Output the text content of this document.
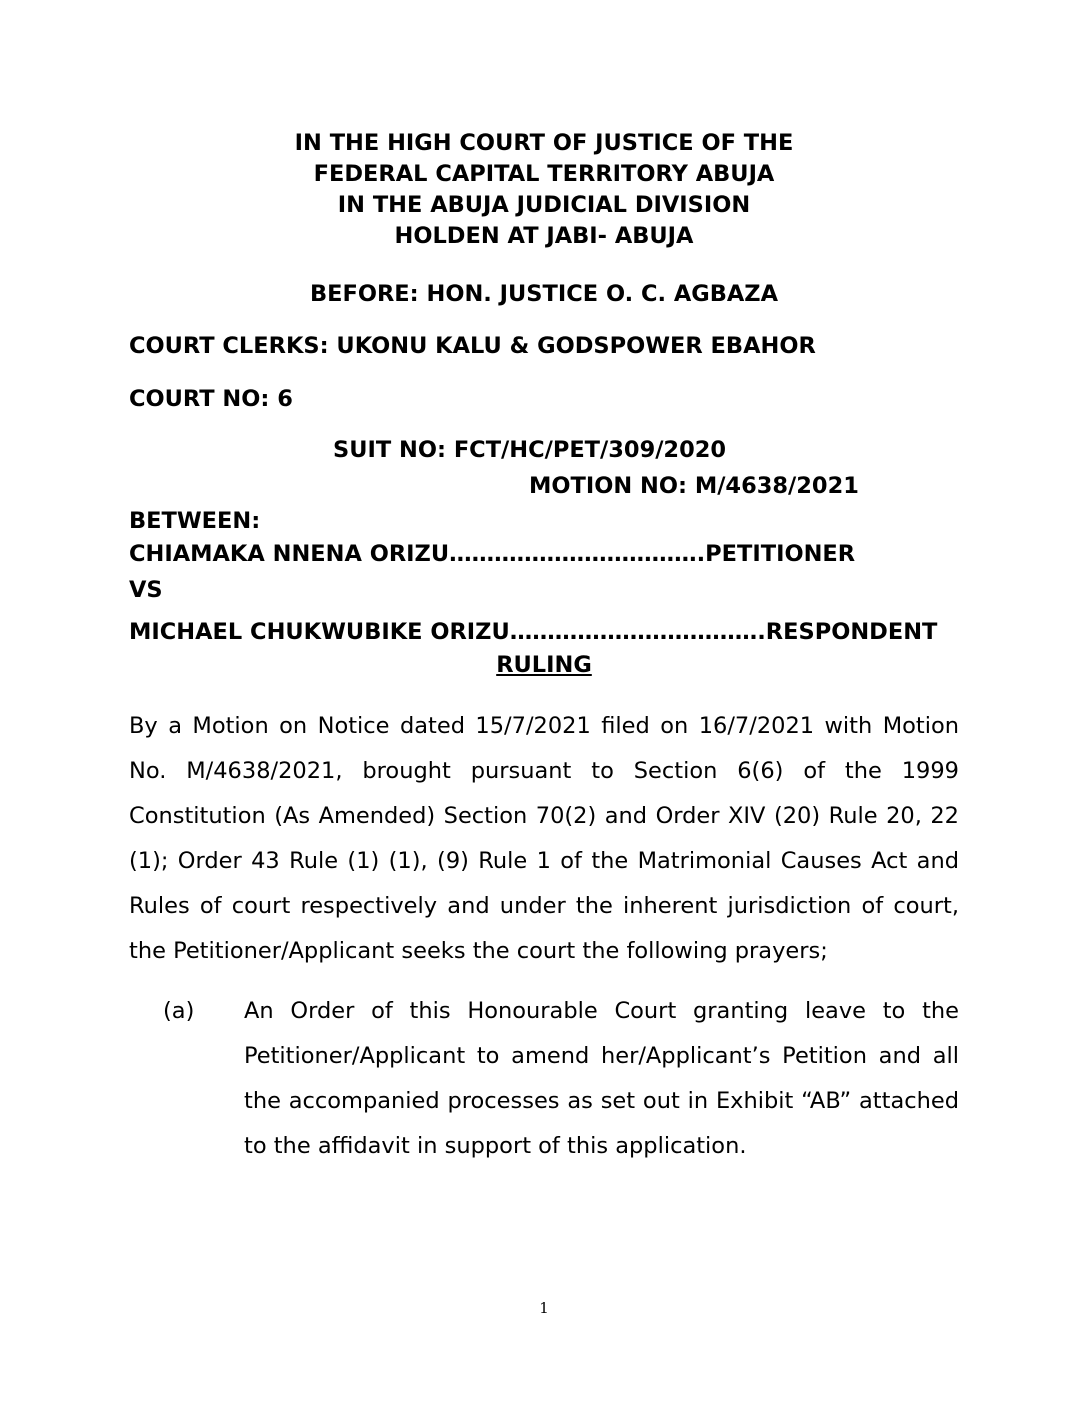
IN THE HIGH COURT OF JUSTICE OF THE
FEDERAL CAPITAL TERRITORY ABUJA
IN THE ABUJA JUDICIAL DIVISION
HOLDEN AT JABI- ABUJA
BEFORE: HON. JUSTICE O. C. AGBAZA
COURT CLERKS: UKONU KALU & GODSPOWER EBAHOR
COURT NO: 6
SUIT NO: FCT/HC/PET/309/2020
MOTION NO: M/4638/2021
BETWEEN:
CHIAMAKA NNENA ORIZU…………………………….PETITIONER
VS
MICHAEL CHUKWUBIKE ORIZU…………………………….RESPONDENT
RULING

By a Motion on Notice dated 15/7/2021 filed on 16/7/2021 with Motion No. M/4638/2021, brought pursuant to Section 6(6) of the 1999 Constitution (As Amended) Section 70(2) and Order XIV (20) Rule 20, 22 (1); Order 43 Rule (1) (1), (9) Rule 1 of the Matrimonial Causes Act and Rules of court respectively and under the inherent jurisdiction of court, the Petitioner/Applicant seeks the court the following prayers;

(a) An Order of this Honourable Court granting leave to the Petitioner/Applicant to amend her/Applicant’s Petition and all the accompanied processes as set out in Exhibit “AB” attached to the affidavit in support of this application.

1
